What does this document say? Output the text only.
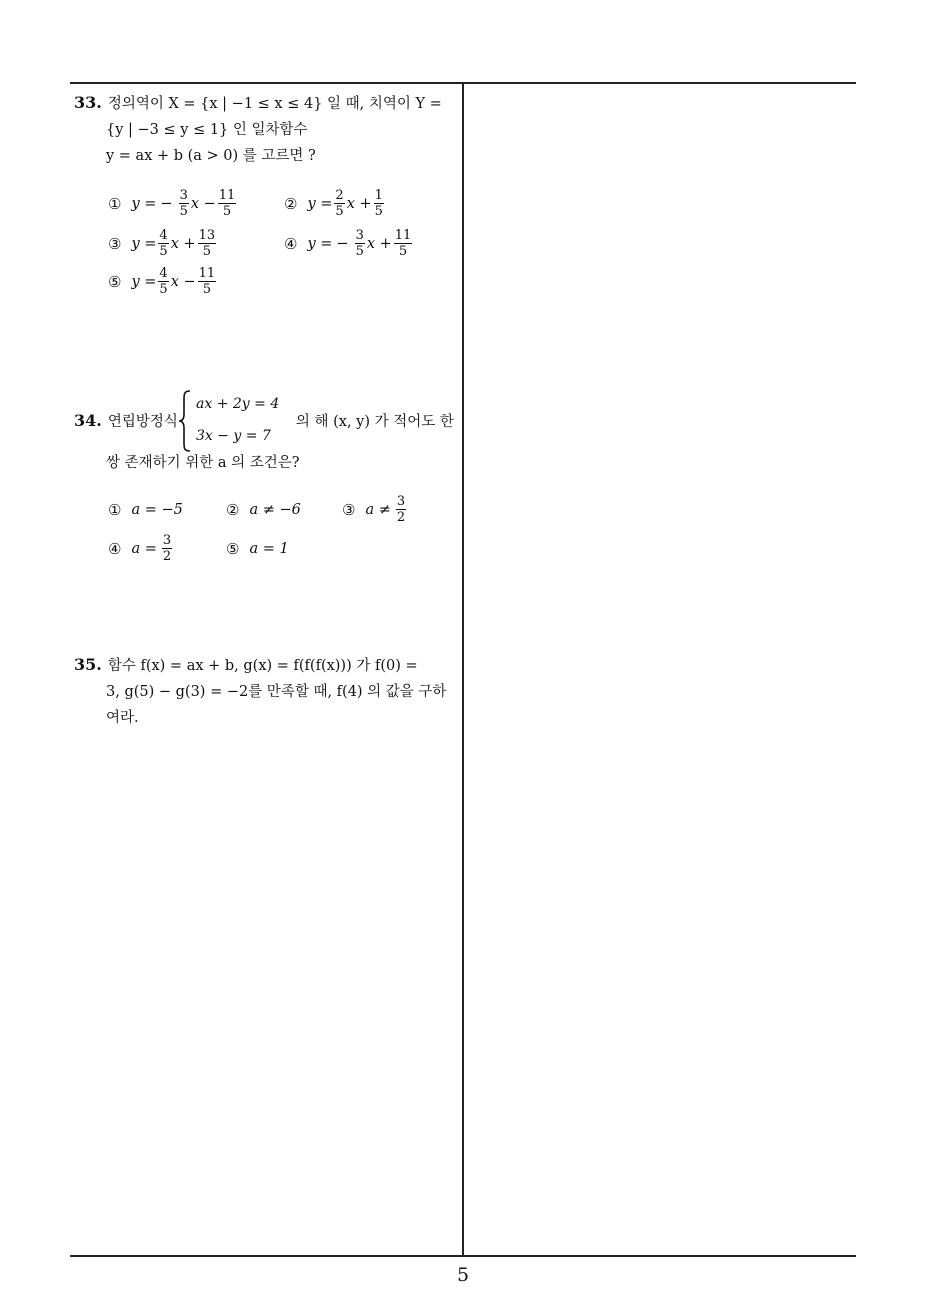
33. 정의역이 X = {x | −1 ≤ x ≤ 4} 일 때, 치역이 Y =
{y | −3 ≤ y ≤ 1} 인 일차함수
y = ax + b (a > 0) 를 고르면 ?
① y = − $\frac{3}{5}$ $x - \frac{11}{5}$	② $y = \frac{2}{5}$ $x + \frac{1}{5}$
③ $y = \frac{4}{5}$ $x + \frac{13}{5}$	④ y = − $\frac{3}{5}$ $x + \frac{11}{5}$
⑤ $y = \frac{4}{5}$ $x - \frac{11}{5}$
34. 연립방정식	의 해 (x, y) 가 적어도 한
ax + 2y = 4
3x − y = 7
쌍 존재하기 위한 a 의 조건은?
① a = −5	② a ≠ −6	③ $a \ne \frac{3}{2}$
④ $a = \frac{3}{2}$	⑤ a = 1
35. 함수 f(x) = ax + b, g(x) = f(f(f(x))) 가 f(0) =
3, g(5) − g(3) = −2를 만족할 때, f(4) 의 값을 구하
여라.
5
